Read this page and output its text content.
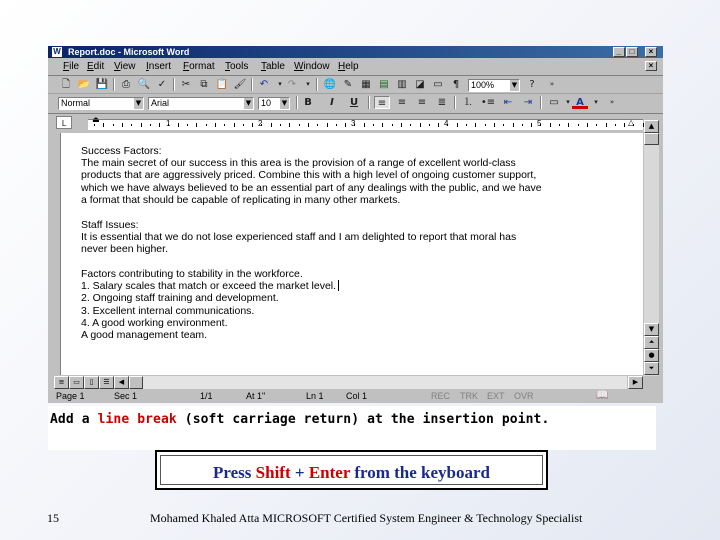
W Report.doc - Microsoft Word	_	□	×
File Edit View	Insert	Format	Tools	Table Window Help	×
🗋 📂 💾	⎙ 🔍 ✓	✂	⧉ 📋 🖌	↶	▾ ↷	▾	🌐 ✎ ▦ ▤ ▥ ◪ ▭	¶	100%	▼	?	»
Normal	▼	Arial	▼	10 ▼	B	I	U	≡	≡	≡	≣	⒈ •≡ ⇤	⇥	▭	▾ A	▾	»
L	⏏	1	2	3	4	5	△
Success Factors:
The main secret of our success in this area is the provision of a range of excellent world-class
products that are aggressively priced. Combine this with a high level of ongoing customer support,
which we have always believed to be an essential part of any dealings with the public, and we have
a format that should be capable of replicating in many other markets.
Staff Issues:
It is essential that we do not lose experienced staff and I am delighted to report that moral has
never been higher.
Factors contributing to stability in the workforce.
1. Salary scales that match or exceed the market level.
2. Ongoing staff training and development.
3. Excellent internal communications.
4. A good working environment.
A good management team.
▲
▼
⏶
●
⏷
≡	▭	▯	☰	◀	▶
Page 1	Sec 1	1/1	At 1"	Ln 1 Col 1	REC TRK EXT OVR	📖
Add a line break (soft carriage return) at the insertion point.
Press Shift + Enter from the keyboard
15	Mohamed Khaled Atta MICROSOFT Certified System Engineer & Technology Specialist
